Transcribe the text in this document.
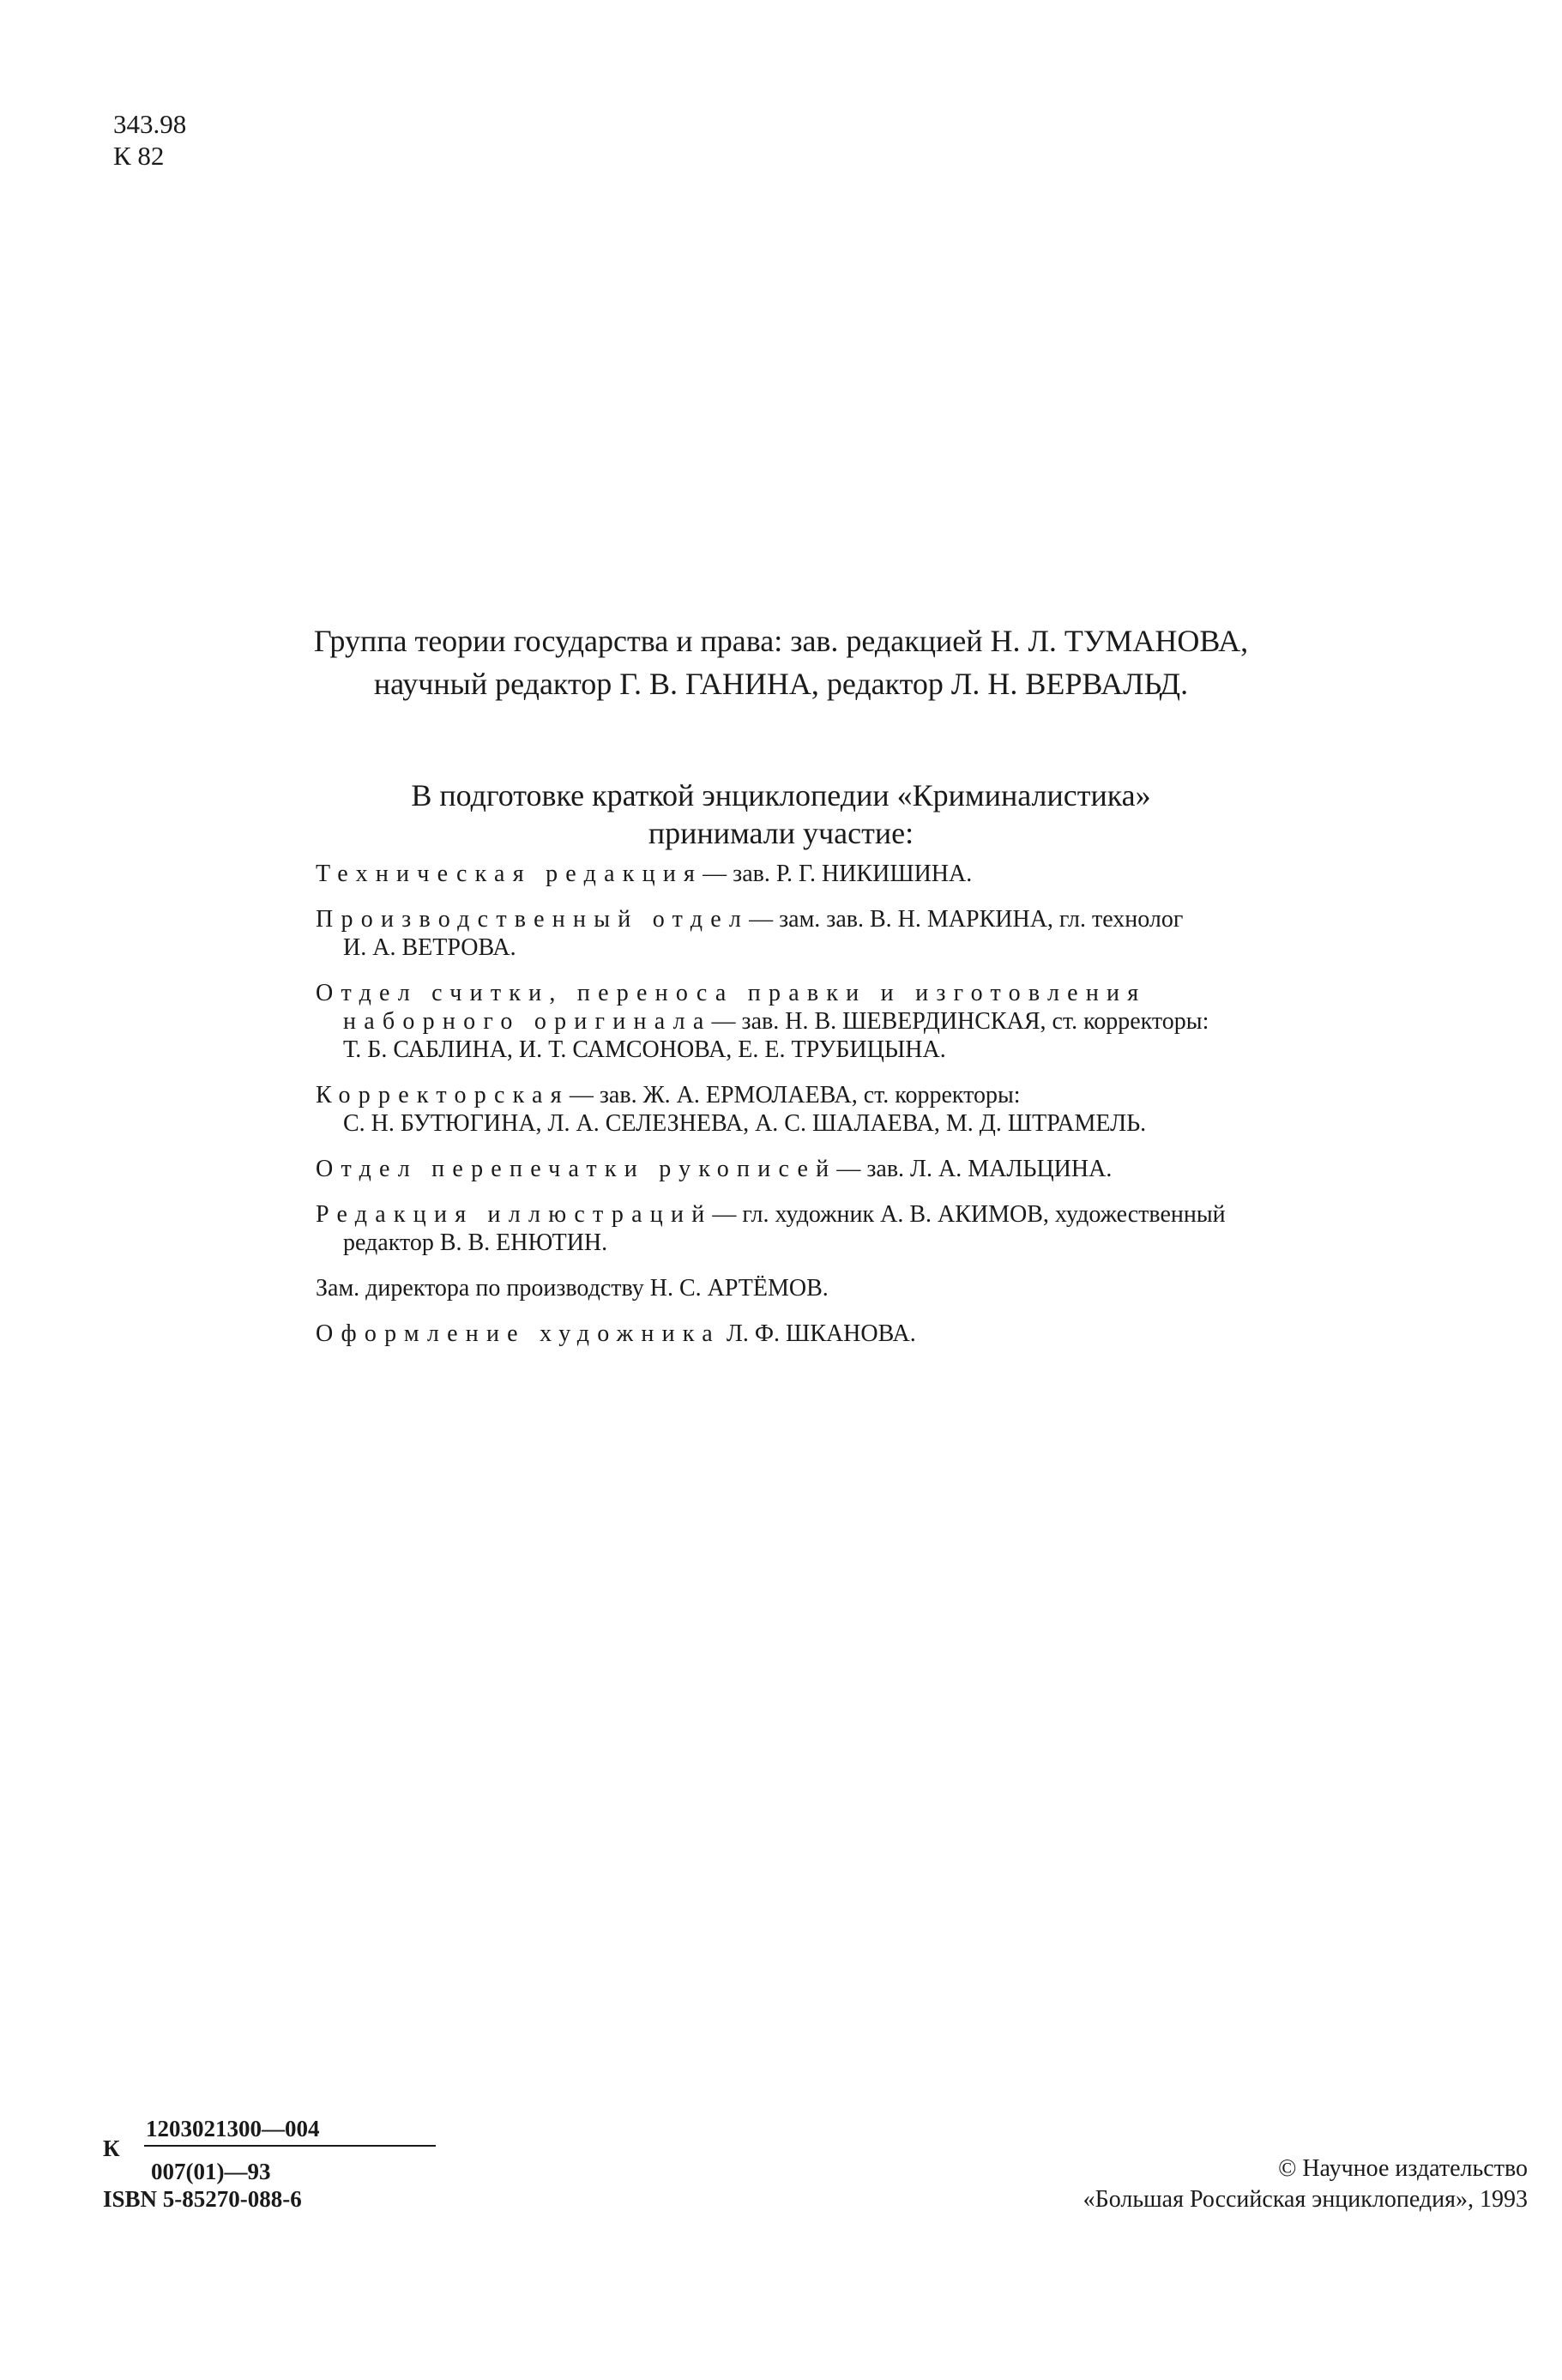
343.98
К 82
Группа теории государства и права: зав. редакцией Н. Л. ТУМАНОВА,
научный редактор Г. В. ГАНИНА, редактор Л. Н. ВЕРВАЛЬД.
В подготовке краткой энциклопедии «Криминалистика»
принимали участие:
Техническая редакция— зав. Р. Г. НИКИШИНА.
Производственный отдел— зам. зав. В. Н. МАРКИНА, гл. технолог
И. А. ВЕТРОВА.
Отдел считки, переноса правки и изготовления
наборного оригинала— зав. Н. В. ШЕВЕРДИНСКАЯ, ст. корректоры:
Т. Б. САБЛИНА, И. Т. САМСОНОВА, Е. Е. ТРУБИЦЫНА.
Корректорская— зав. Ж. А. ЕРМОЛАЕВА, ст. корректоры:
С. Н. БУТЮГИНА, Л. А. СЕЛЕЗНЕВА, А. С. ШАЛАЕВА, М. Д. ШТРАМЕЛЬ.
Отдел перепечатки рукописей— зав. Л. А. МАЛЬЦИНА.
Редакция иллюстраций— гл. художник А. В. АКИМОВ, художественный
редактор В. В. ЕНЮТИН.
Зам. директора по производству Н. С. АРТЁМОВ.
Оформление художника Л. Ф. ШКАНОВА.
К
1203021300—004
007(01)—93
ISBN 5-85270-088-6
© Научное издательство
«Большая Российская энциклопедия», 1993
